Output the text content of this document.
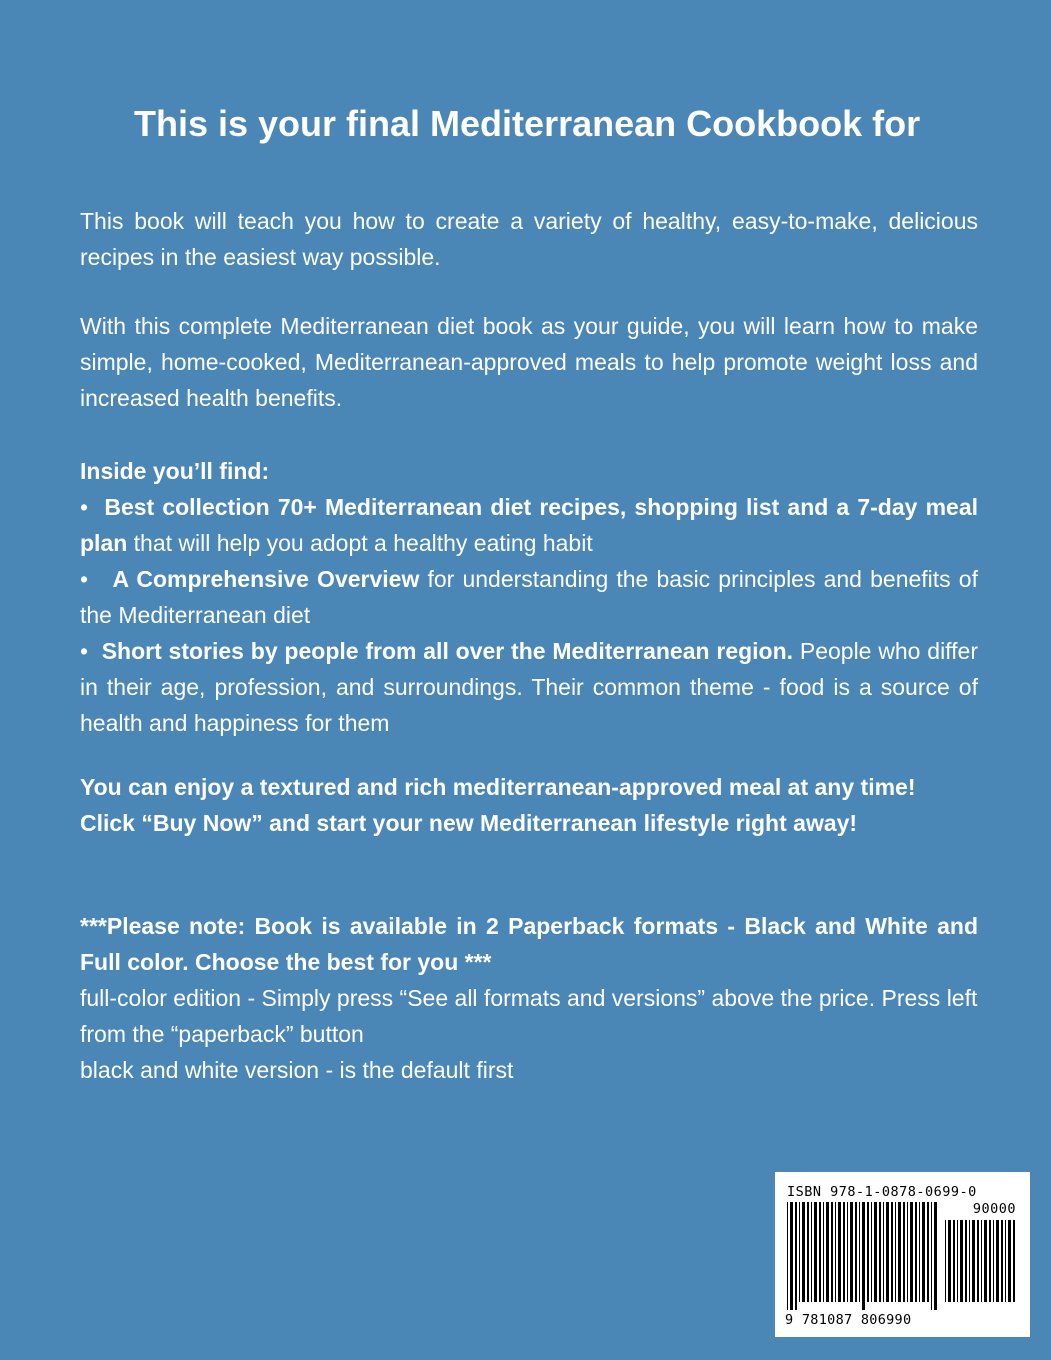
This is your final Mediterranean Cookbook for

This book will teach you how to create a variety of healthy, easy-to-make, delicious recipes in the easiest way possible.

With this complete Mediterranean diet book as your guide, you will learn how to make simple, home-cooked, Mediterranean-approved meals to help promote weight loss and increased health benefits.

Inside you’ll find:

• Best collection 70+ Mediterranean diet recipes, shopping list and a 7-day meal plan that will help you adopt a healthy eating habit

• A Comprehensive Overview for understanding the basic principles and benefits of the Mediterranean diet

• Short stories by people from all over the Mediterranean region. People who differ in their age, profession, and surroundings. Their common theme - food is a source of health and happiness for them

You can enjoy a textured and rich mediterranean-approved meal at any time!

Click “Buy Now” and start your new Mediterranean lifestyle right away!

***Please note: Book is available in 2 Paperback formats - Black and White and Full color. Choose the best for you ***

full-color edition - Simply press “See all formats and versions” above the price. Press left from the “paperback” button

black and white version - is the default first

ISBN 978-1-0878-0699-0
90000
9 781087 806990
